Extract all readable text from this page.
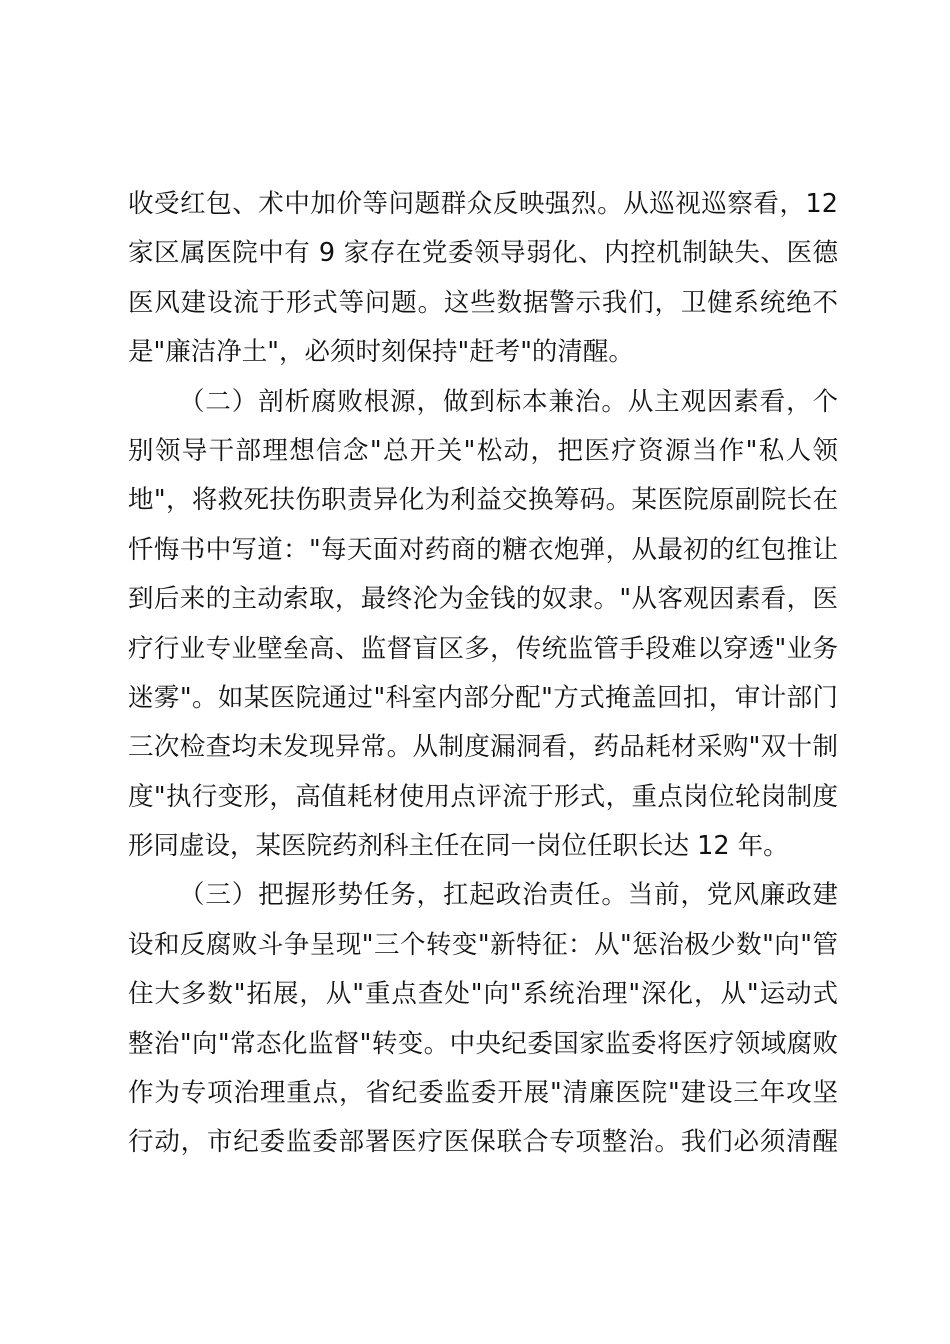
收受红包、术中加价等问题群众反映强烈。从巡视巡察看，12
家区属医院中有 9 家存在党委领导弱化、内控机制缺失、医德
医风建设流于形式等问题。这些数据警示我们，卫健系统绝不
是"廉洁净土"，必须时刻保持"赶考"的清醒。
（二）剖析腐败根源，做到标本兼治。从主观因素看，个
别领导干部理想信念"总开关"松动，把医疗资源当作"私人领
地"，将救死扶伤职责异化为利益交换筹码。某医院原副院长在
忏悔书中写道："每天面对药商的糖衣炮弹，从最初的红包推让
到后来的主动索取，最终沦为金钱的奴隶。"从客观因素看，医
疗行业专业壁垒高、监督盲区多，传统监管手段难以穿透"业务
迷雾"。如某医院通过"科室内部分配"方式掩盖回扣，审计部门
三次检查均未发现异常。从制度漏洞看，药品耗材采购"双十制
度"执行变形，高值耗材使用点评流于形式，重点岗位轮岗制度
形同虚设，某医院药剂科主任在同一岗位任职长达 12 年。
（三）把握形势任务，扛起政治责任。当前，党风廉政建
设和反腐败斗争呈现"三个转变"新特征：从"惩治极少数"向"管
住大多数"拓展，从"重点查处"向"系统治理"深化，从"运动式
整治"向"常态化监督"转变。中央纪委国家监委将医疗领域腐败
作为专项治理重点，省纪委监委开展"清廉医院"建设三年攻坚
行动，市纪委监委部署医疗医保联合专项整治。我们必须清醒
